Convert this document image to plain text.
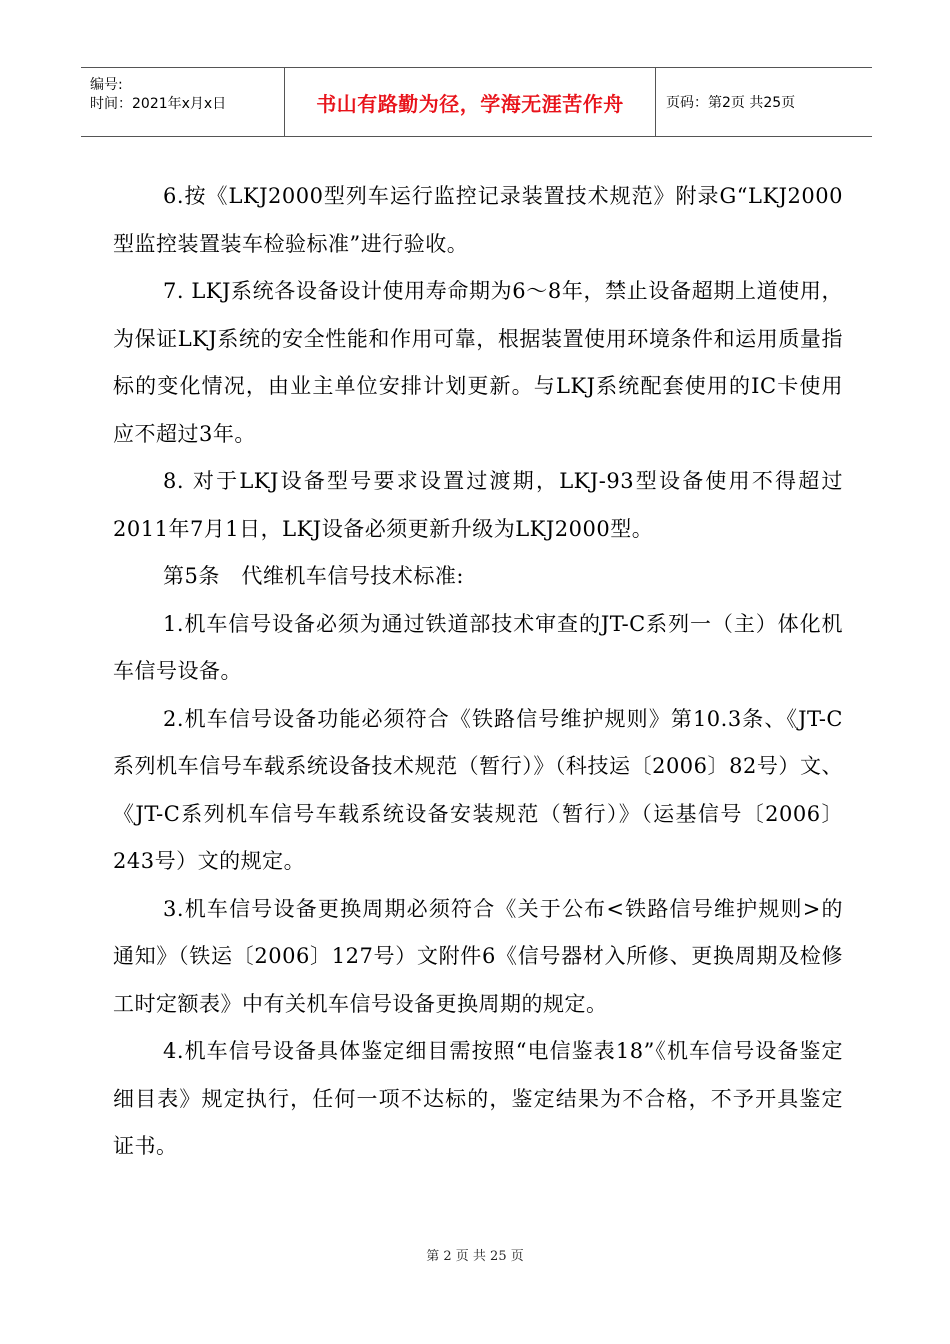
编号:
时间：2021年x月x日	书山有路勤为径，学海无涯苦作舟	页码：第2页 共25页

6.按《LKJ2000型列车运行监控记录装置技术规范》附录G“LKJ2000型监控装置装车检验标准”进行验收。

7. LKJ系统各设备设计使用寿命期为6～8年，禁止设备超期上道使用，为保证LKJ系统的安全性能和作用可靠，根据装置使用环境条件和运用质量指标的变化情况，由业主单位安排计划更新。与LKJ系统配套使用的IC卡使用应不超过3年。

8. 对于LKJ设备型号要求设置过渡期，LKJ-93型设备使用不得超过2011年7月1日，LKJ设备必须更新升级为LKJ2000型。

第5条　代维机车信号技术标准:

1.机车信号设备必须为通过铁道部技术审查的JT-C系列一（主）体化机车信号设备。

2.机车信号设备功能必须符合《铁路信号维护规则》第10.3条、《JT-C系列机车信号车载系统设备技术规范（暂行）》（科技运〔2006〕82号）文、《JT-C系列机车信号车载系统设备安装规范（暂行）》（运基信号〔2006〕243号）文的规定。

3.机车信号设备更换周期必须符合《关于公布<铁路信号维护规则>的通知》（铁运〔2006〕127号）文附件6《信号器材入所修、更换周期及检修工时定额表》中有关机车信号设备更换周期的规定。

4.机车信号设备具体鉴定细目需按照“电信鉴表18”《机车信号设备鉴定细目表》规定执行，任何一项不达标的，鉴定结果为不合格，不予开具鉴定证书。

第 2 页 共 25 页
